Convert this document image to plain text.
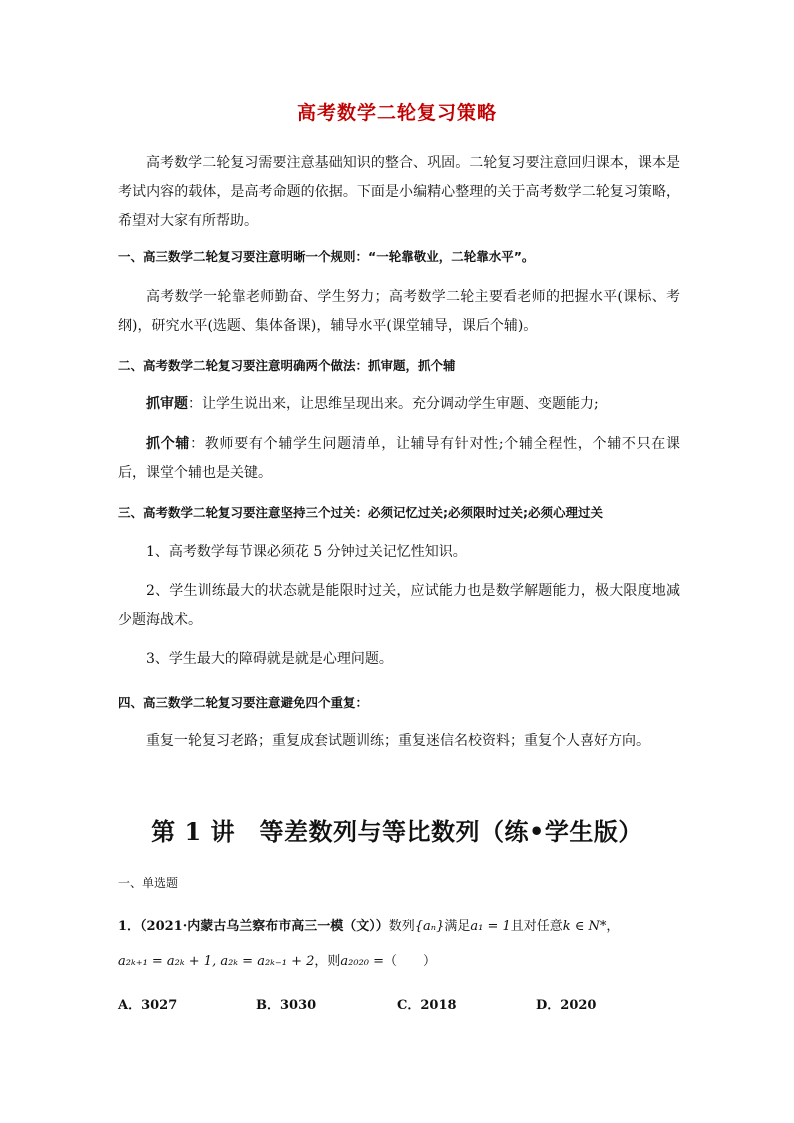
高考数学二轮复习策略
高考数学二轮复习需要注意基础知识的整合、巩固。二轮复习要注意回归课本，课本是考试内容的载体，是高考命题的依据。下面是小编精心整理的关于高考数学二轮复习策略，希望对大家有所帮助。
一、高三数学二轮复习要注意明晰一个规则：“一轮靠敬业，二轮靠水平”。
高考数学一轮靠老师勤奋、学生努力；高考数学二轮主要看老师的把握水平(课标、考纲)，研究水平(选题、集体备课)，辅导水平(课堂辅导，课后个辅)。
二、高考数学二轮复习要注意明确两个做法：抓审题，抓个辅
抓审题：让学生说出来，让思维呈现出来。充分调动学生审题、变题能力;
抓个辅：教师要有个辅学生问题清单，让辅导有针对性;个辅全程性，个辅不只在课后，课堂个辅也是关键。
三、高考数学二轮复习要注意坚持三个过关：必须记忆过关;必须限时过关;必须心理过关
1、高考数学每节课必须花 5 分钟过关记忆性知识。
2、学生训练最大的状态就是能限时过关，应试能力也是数学解题能力，极大限度地减少题海战术。
3、学生最大的障碍就是就是心理问题。
四、高三数学二轮复习要注意避免四个重复：
重复一轮复习老路；重复成套试题训练；重复迷信名校资料；重复个人喜好方向。
第 1 讲　等差数列与等比数列（练•学生版）
一、单选题
1．（2021·内蒙古乌兰察布市高三一模（文））数列{aₙ}满足a₁ = 1且对任意k ∈ N*，
a₂ₖ₊₁ = a₂ₖ + 1, a₂ₖ = a₂ₖ₋₁ + 2，则a₂₀₂₀ =（　　）
A．3027	B．3030	C．2018	D．2020
